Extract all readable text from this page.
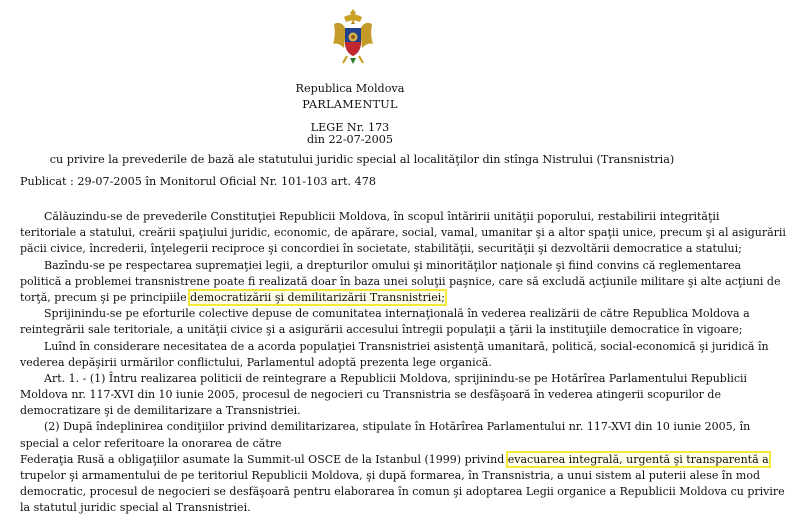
Republica Moldova
PARLAMENTUL
LEGE Nr. 173
din 22-07-2005
cu privire la prevederile de bază ale statutului juridic special al localităţilor din stînga Nistrului (Transnistria)
Publicat : 29-07-2005 în Monitorul Oficial Nr. 101-103 art. 478
Călăuzindu-se de prevederile Constituţiei Republicii Moldova, în scopul întăririi unităţii poporului, restabilirii integrităţii
teritoriale a statului, creării spaţiului juridic, economic, de apărare, social, vamal, umanitar şi a altor spaţii unice, precum şi al asigurării
păcii civice, încrederii, înţelegerii reciproce şi concordiei în societate, stabilităţii, securităţii şi dezvoltării democratice a statului;
Bazîndu-se pe respectarea supremaţiei legii, a drepturilor omului şi minorităţilor naţionale şi fiind convins că reglementarea
politică a problemei transnistrene poate fi realizată doar în baza unei soluţii paşnice, care să excludă acţiunile militare şi alte acţiuni de
torţă, precum şi pe principiile democratizării şi demilitarizării Transnistriei;
Sprijinindu-se pe eforturile colective depuse de comunitatea internaţională în vederea realizării de către Republica Moldova a
reintegrării sale teritoriale, a unităţii civice şi a asigurării accesului întregii populaţii a ţării la instituţiile democratice în vigoare;
Luînd în considerare necesitatea de a acorda populaţiei Transnistriei asistenţă umanitară, politică, social-economică şi juridică în
vederea depăşirii urmărilor conflictului, Parlamentul adoptă prezenta lege organică.
Art. 1. - (1) Întru realizarea politicii de reintegrare a Republicii Moldova, sprijinindu-se pe Hotărîrea Parlamentului Republicii
Moldova nr. 117-XVI din 10 iunie 2005, procesul de negocieri cu Transnistria se desfăşoară în vederea atingerii scopurilor de
democratizare şi de demilitarizare a Transnistriei.
(2) După îndeplinirea condiţiilor privind demilitarizarea, stipulate în Hotărîrea Parlamentului nr. 117-XVI din 10 iunie 2005, în
special a celor referitoare la onorarea de către
Federaţia Rusă a obligaţiilor asumate la Summit-ul OSCE de la Istanbul (1999) privind evacuarea integrală, urgentă şi transparentă a
trupelor şi armamentului de pe teritoriul Republicii Moldova, şi după formarea, în Transnistria, a unui sistem al puterii alese în mod
democratic, procesul de negocieri se desfăşoară pentru elaborarea în comun şi adoptarea Legii organice a Republicii Moldova cu privire
la statutul juridic special al Transnistriei.
